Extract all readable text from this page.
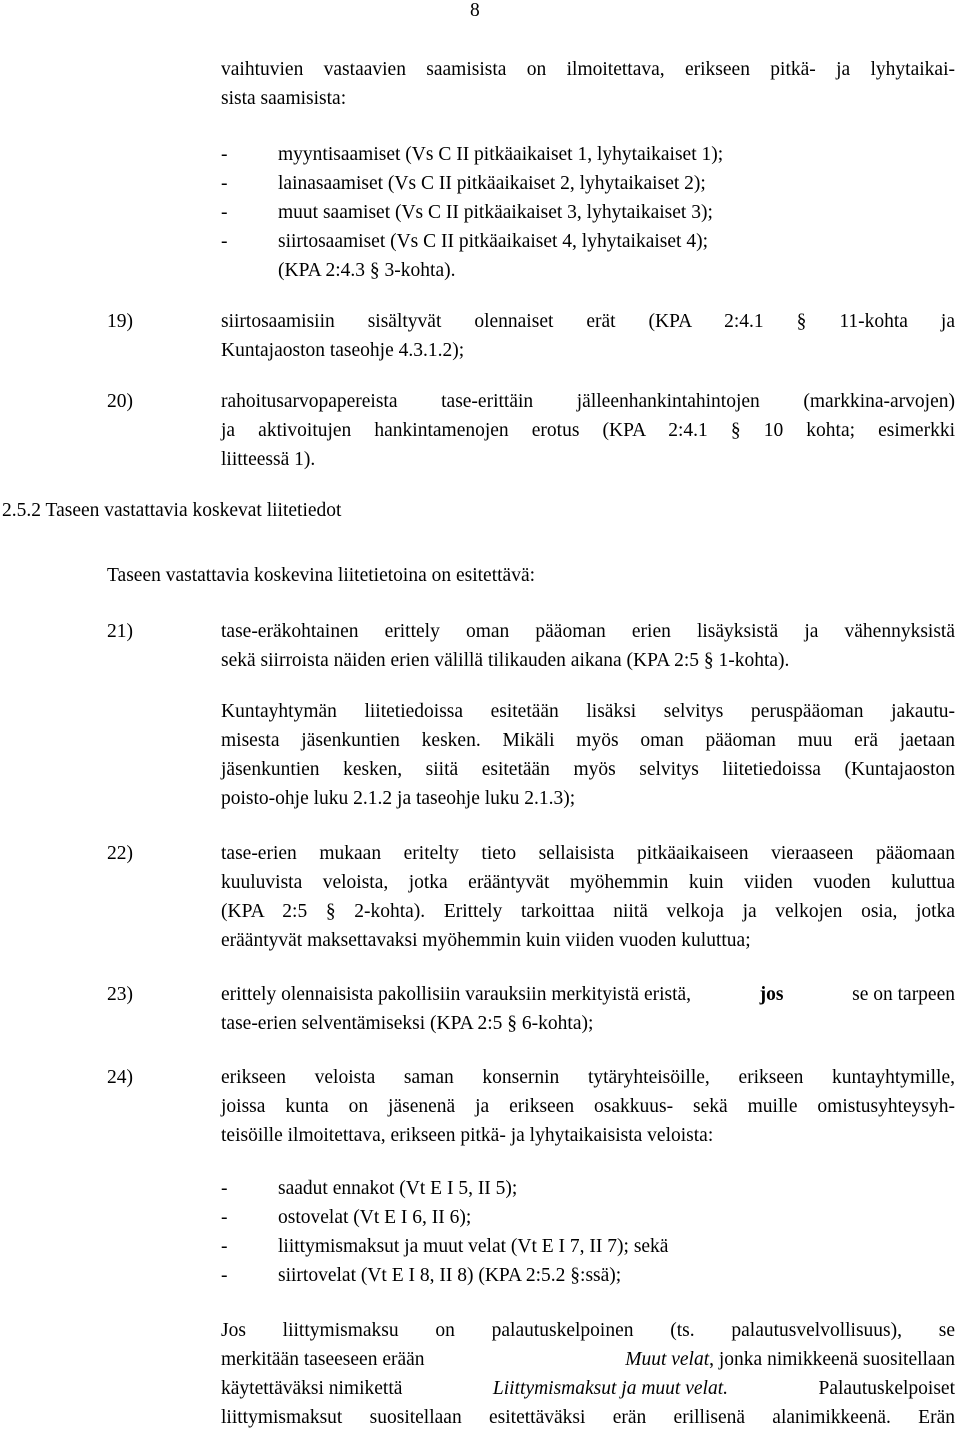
8
vaihtuvien vastaavien saamisista on ilmoitettava, erikseen pitkä- ja lyhytaikai-
sista saamisista:
-	myyntisaamiset (Vs C II pitkäaikaiset 1, lyhytaikaiset 1);
-	lainasaamiset (Vs C II pitkäaikaiset 2, lyhytaikaiset 2);
-	muut saamiset (Vs C II pitkäaikaiset 3, lyhytaikaiset 3);
-	siirtosaamiset (Vs C II pitkäaikaiset 4, lyhytaikaiset 4);
(KPA 2:4.3 § 3-kohta).
19)	siirtosaamisiin sisältyvät olennaiset erät (KPA 2:4.1 § 11-kohta ja
Kuntajaoston taseohje 4.3.1.2);
20)	rahoitusarvopapereista tase-erittäin jälleenhankintahintojen (markkina-arvojen)
ja aktivoitujen hankintamenojen erotus (KPA 2:4.1 § 10 kohta; esimerkki
liitteessä 1).
2.5.2 Taseen vastattavia koskevat liitetiedot
Taseen vastattavia koskevina liitetietoina on esitettävä:
21)	tase-eräkohtainen erittely oman pääoman erien lisäyksistä ja vähennyksistä
sekä siirroista näiden erien välillä tilikauden aikana (KPA 2:5 § 1-kohta).
Kuntayhtymän liitetiedoissa esitetään lisäksi selvitys peruspääoman jakautu-
misesta jäsenkuntien kesken. Mikäli myös oman pääoman muu erä jaetaan
jäsenkuntien kesken, siitä esitetään myös selvitys liitetiedoissa (Kuntajaoston
poisto-ohje luku 2.1.2 ja taseohje luku 2.1.3);
22)	tase-erien mukaan eritelty tieto sellaisista pitkäaikaiseen vieraaseen pääomaan
kuuluvista veloista, jotka erääntyvät myöhemmin kuin viiden vuoden kuluttua
(KPA 2:5 § 2-kohta). Erittely tarkoittaa niitä velkoja ja velkojen osia, jotka
erääntyvät maksettavaksi myöhemmin kuin viiden vuoden kuluttua;
23)	erittely olennaisista pakollisiin varauksiin merkityistä eristä,	jos	se on tarpeen
tase-erien selventämiseksi (KPA 2:5 § 6-kohta);
24)	erikseen veloista saman konsernin tytäryhteisöille, erikseen kuntayhtymille,
joissa kunta on jäsenenä ja erikseen osakkuus- sekä muille omistusyhteysyh-
teisöille ilmoitettava, erikseen pitkä- ja lyhytaikaisista veloista:
-	saadut ennakot (Vt E I 5, II 5);
-	ostovelat (Vt E I 6, II 6);
-	liittymismaksut ja muut velat (Vt E I 7, II 7); sekä
-	siirtovelat (Vt E I 8, II 8) (KPA 2:5.2 §:ssä);
Jos liittymismaksu on palautuskelpoinen (ts. palautusvelvollisuus), se
merkitään taseeseen erään	Muut velat, jonka nimikkeenä suositellaan
käytettäväksi nimikettä	Liittymismaksut ja muut velat.	Palautuskelpoiset
liittymismaksut suositellaan esitettäväksi erän erillisenä alanimikkeenä. Erän
